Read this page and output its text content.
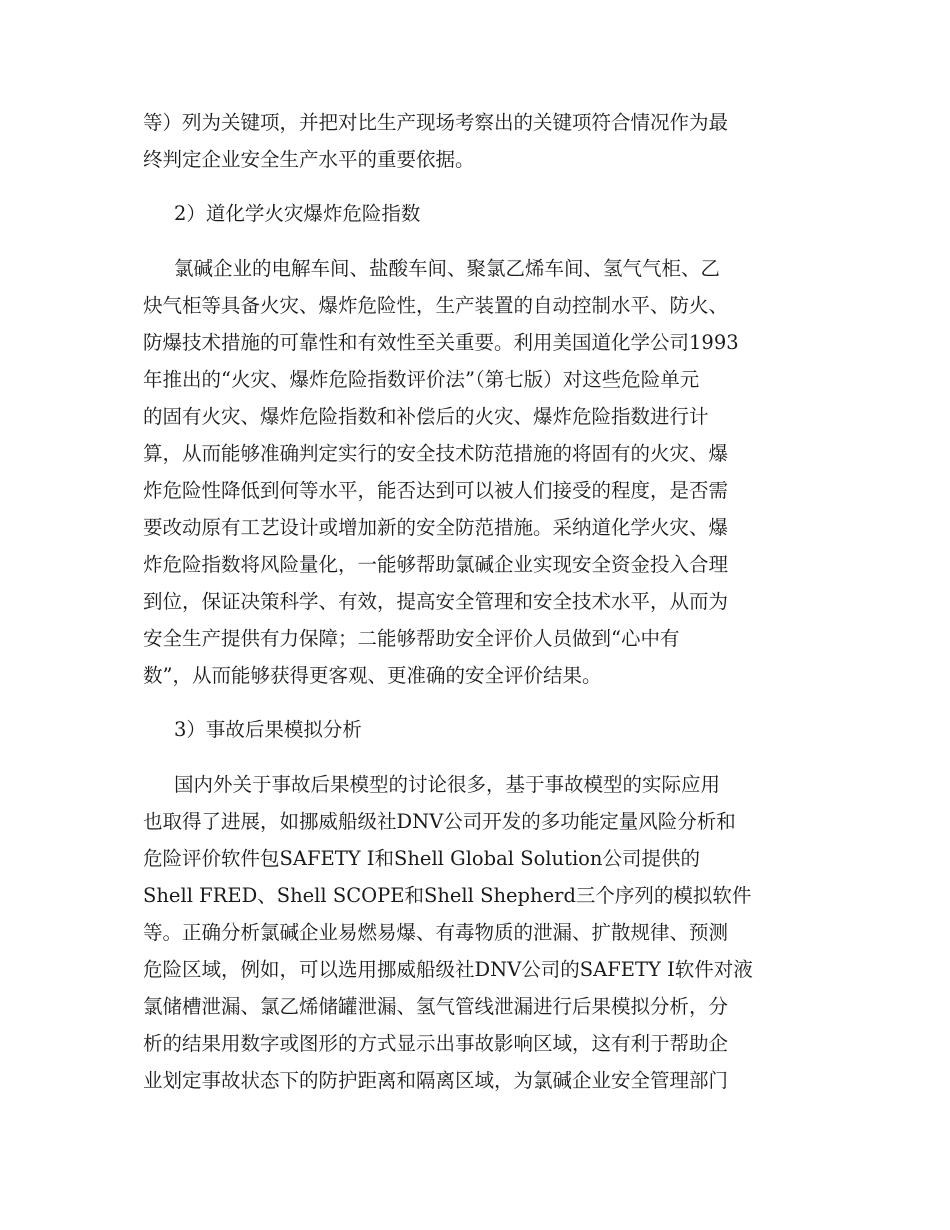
等）列为关键项，并把对比生产现场考察出的关键项符合情况作为最
终判定企业安全生产水平的重要依据。
2）道化学火灾爆炸危险指数
氯碱企业的电解车间、盐酸车间、聚氯乙烯车间、氢气气柜、乙
炔气柜等具备火灾、爆炸危险性，生产装置的自动控制水平、防火、
防爆技术措施的可靠性和有效性至关重要。利用美国道化学公司1993
年推出的“火灾、爆炸危险指数评价法”（第七版）对这些危险单元
的固有火灾、爆炸危险指数和补偿后的火灾、爆炸危险指数进行计
算，从而能够准确判定实行的安全技术防范措施的将固有的火灾、爆
炸危险性降低到何等水平，能否达到可以被人们接受的程度，是否需
要改动原有工艺设计或增加新的安全防范措施。采纳道化学火灾、爆
炸危险指数将风险量化，一能够帮助氯碱企业实现安全资金投入合理
到位，保证决策科学、有效，提高安全管理和安全技术水平，从而为
安全生产提供有力保障；二能够帮助安全评价人员做到“心中有
数”，从而能够获得更客观、更准确的安全评价结果。
3）事故后果模拟分析
国内外关于事故后果模型的讨论很多，基于事故模型的实际应用
也取得了进展，如挪威船级社DNV公司开发的多功能定量风险分析和
危险评价软件包SAFETY I和Shell Global Solution公司提供的
Shell FRED、Shell SCOPE和Shell Shepherd三个序列的模拟软件
等。正确分析氯碱企业易燃易爆、有毒物质的泄漏、扩散规律、预测
危险区域，例如，可以选用挪威船级社DNV公司的SAFETY I软件对液
氯储槽泄漏、氯乙烯储罐泄漏、氢气管线泄漏进行后果模拟分析，分
析的结果用数字或图形的方式显示出事故影响区域，这有利于帮助企
业划定事故状态下的防护距离和隔离区域，为氯碱企业安全管理部门
